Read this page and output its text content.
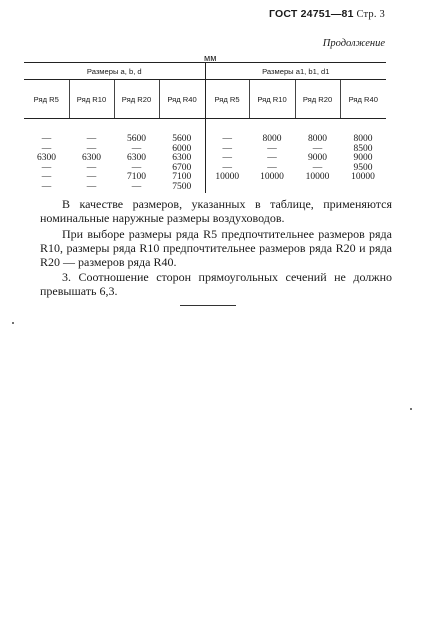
ГОСТ 24751—81 Стр. 3
Продолжение
мм
Размеры a, b, d				Размеры a1, b1, d1			
Ряд R5	Ряд R10	Ряд R20	Ряд R40	Ряд R5	Ряд R10	Ряд R20	Ряд R40
—	—	5600	5600	—	8000	8000	8000
—	—	—	6000	—	—	—	8500
6300	6300	6300	6300	—	—	9000	9000
—	—	—	6700	—	—	—	9500
—	—	7100	7100	10000	10000	10000	10000
—	—	—	7500				

В качестве размеров, указанных в таблице, применяются номинальные наружные размеры воздуховодов.

При выборе размеры ряда R5 предпочтительнее размеров ряда R10, размеры ряда R10 предпочтительнее размеров ряда R20 и ряда R20 — размеров ряда R40.

3. Соотношение сторон прямоугольных сечений не должно превышать 6,3.
